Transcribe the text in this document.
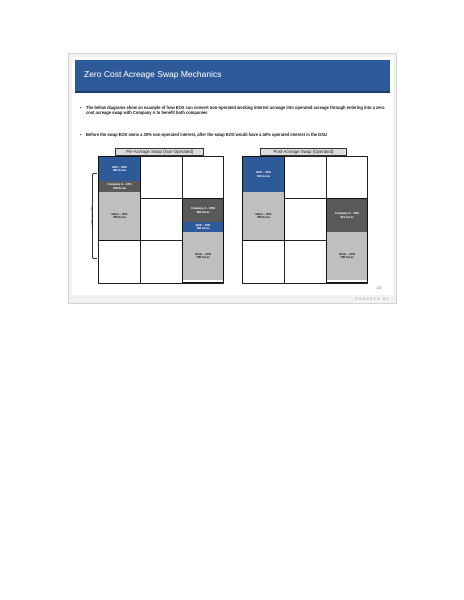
Zero Cost Acreage Swap Mechanics
▪ The below diagrams show an example of how EOX can convert non-operated working interest acreage into operated acreage through entering into a zero cost acreage swap with Company A to benefit both companies
▪ Before the swap EOX owns a 30% non-operated interest, after the swap EOX would have a 40% operated interest in the DSU
Pre-Acreage Swap (Non-Operated)
EOX – 30%
384 Acres
Company A – 10%
128 Acres
Other – 60%
768 Acres
Company A – 60%
384 Acres
EOX – 10%
128 Acres
Other – 30%
768 Acres
1,280 acre DSU
Post-Acreage Swap (Operated)
EOX – 40%
512 Acres
Other – 60%
768 Acres
Company A – 40%
512 Acres
Other – 30%
768 Acres
23
POWERED BY
